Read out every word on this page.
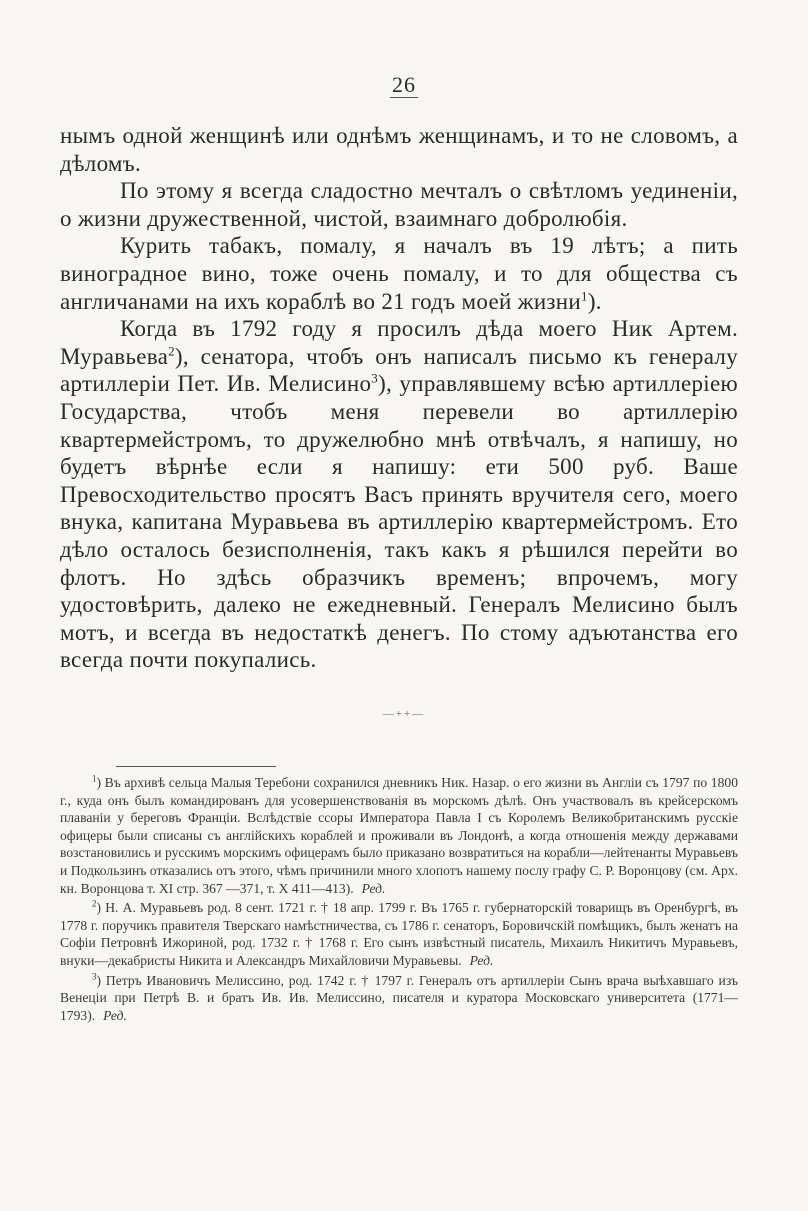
26

нымъ одной женщинѣ или однѣмъ женщинамъ, и то не словомъ, а дѣломъ.

По этому я всегда сладостно мечталъ о свѣтломъ уединенiи, о жизни дружественной, чистой, взаимнаго добролюбiя.

Курить табакъ, помалу, я началъ въ 19 лѣтъ; а пить виноградное вино, тоже очень помалу, и то для общества съ англичанами на ихъ кораблѣ во 21 годъ моей жизни$^1$).

Когда въ 1792 году я просилъ дѣда моего Ник Артем. Муравьева$^2$), сенатора, чтобъ онъ написалъ письмо къ генералу артиллерiи Пет. Ив. Мелисино$^3$), управлявшему всѣю артиллерiею Государства, чтобъ меня перевели во артиллерiю квартермейстромъ, то дружелюбно мнѣ отвѣчалъ, я напишу, но будетъ вѣрнѣе если я напишу: ети 500 руб. Ваше Превосходительство просятъ Васъ принять вручителя сего, моего внука, капитана Муравьева въ артиллерiю квартермейстромъ. Ето дѣло осталось безисполненiя, такъ какъ я рѣшился перейти во флотъ. Но здѣсь образчикъ временъ; впрочемъ, могу удостовѣрить, далеко не ежедневный. Генералъ Мелисино былъ мотъ, и всегда въ недостаткѣ денегъ. По стому адъютанства его всегда почти покупались.

—++—

$^1$) Въ архивѣ сельца Малыя Теребони сохранился дневникъ Ник. Назар. о его жизни въ Англiи съ 1797 по 1800 г., куда онъ былъ командированъ для усовершенствованiя въ морскомъ дѣлѣ. Онъ участвовалъ въ крейсерскомъ плаванiи у береговъ Францiи. Вслѣдствiе ссоры Императора Павла I съ Королемъ Великобританскимъ русскiе офицеры были списаны съ англiйскихъ кораблей и проживали въ Лондонѣ, а когда отношенiя между державами возстановились и русскимъ морскимъ офицерамъ было приказано возвратиться на корабли—лейтенанты Муравьевъ и Подкользинъ отказались отъ этого, чѣмъ причинили много хлопотъ нашему послу графу С. Р. Воронцову (см. Арх. кн. Воронцова т. XI стр. 367 —371, т. X 411—413). Ред.

$^2$) Н. А. Муравьевъ род. 8 сент. 1721 г. † 18 апр. 1799 г. Въ 1765 г. губернаторскiй товарищъ въ Оренбургѣ, въ 1778 г. поручикъ правителя Тверскаго намѣстничества, съ 1786 г. сенаторъ, Боровичскiй помѣщикъ, былъ женатъ на Софiи Петровнѣ Ижориной, род. 1732 г. † 1768 г. Его сынъ извѣстный писатель, Михаилъ Никитичъ Муравьевъ, внуки—декабристы Никита и Александръ Михайловичи Муравьевы. Ред.

$^3$) Петръ Ивановичъ Мелиссино, род. 1742 г. † 1797 г. Генералъ отъ артиллерiи Сынъ врача выѣхавшаго изъ Венецiи при Петрѣ В. и братъ Ив. Ив. Мелиссино, писателя и куратора Московскаго университета (1771—1793). Ред.
